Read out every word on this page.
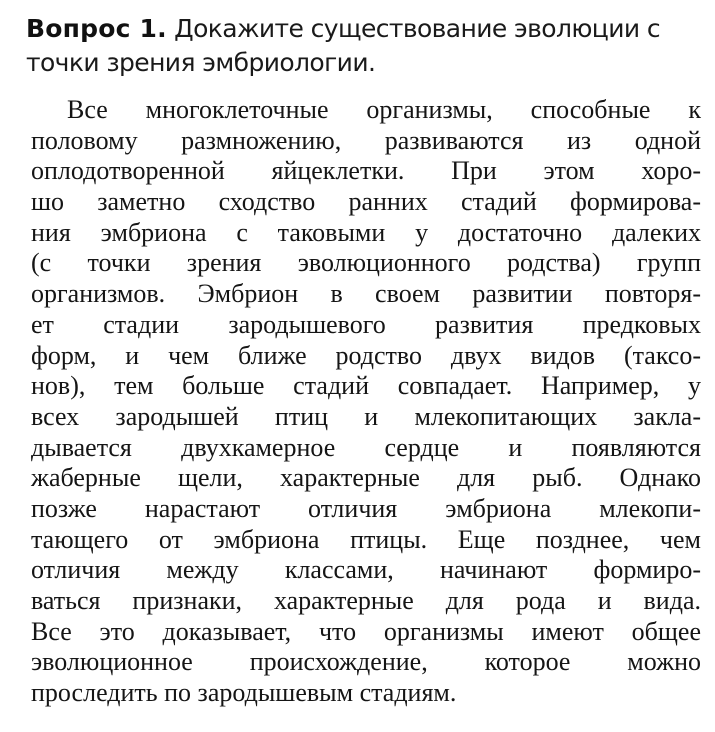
Вопрос 1. Докажите существование эволюции с точки зрения эмбриологии.
Все многоклеточные организмы, способные к
половому размножению, развиваются из одной
оплодотворенной яйцеклетки. При этом хоро-
шо заметно сходство ранних стадий формирова-
ния эмбриона с таковыми у достаточно далеких
(с точки зрения эволюционного родства) групп
организмов. Эмбрион в своем развитии повторя-
ет стадии зародышевого развития предковых
форм, и чем ближе родство двух видов (таксо-
нов), тем больше стадий совпадает. Например, у
всех зародышей птиц и млекопитающих закла-
дывается двухкамерное сердце и появляются
жаберные щели, характерные для рыб. Однако
позже нарастают отличия эмбриона млекопи-
тающего от эмбриона птицы. Еще позднее, чем
отличия между классами, начинают формиро-
ваться признаки, характерные для рода и вида.
Все это доказывает, что организмы имеют общее
эволюционное происхождение, которое можно
проследить по зародышевым стадиям.
